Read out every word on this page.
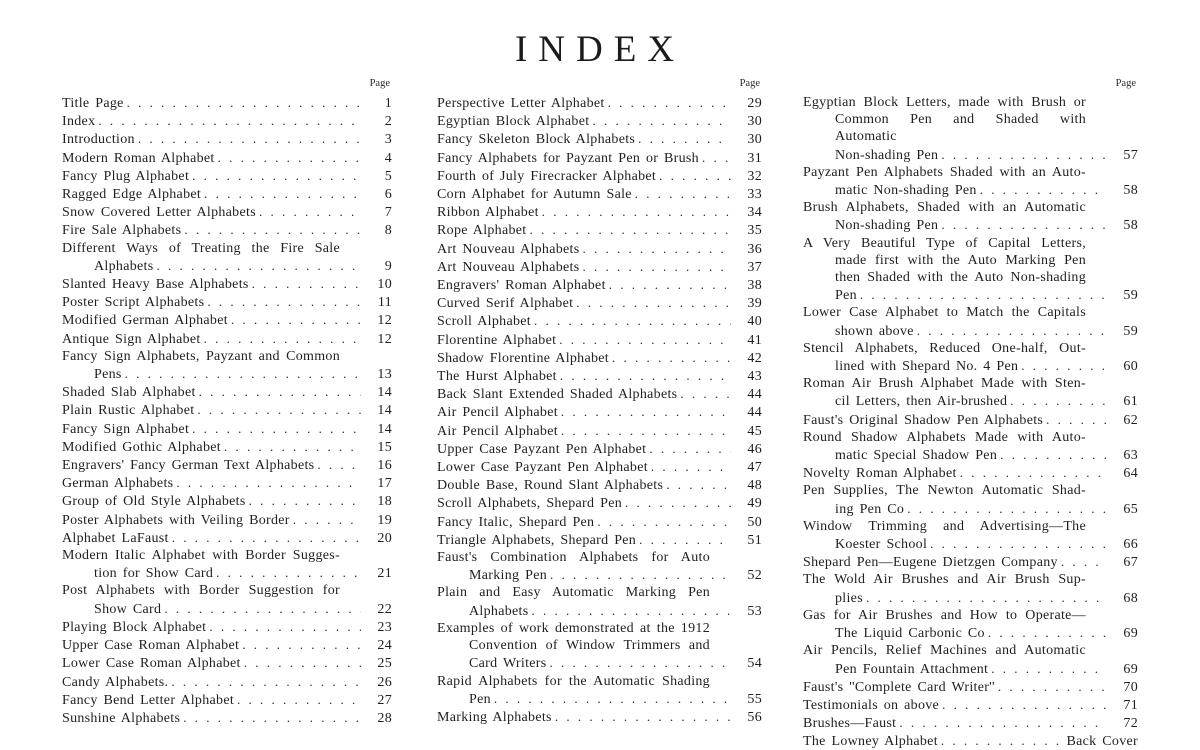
INDEX
Page
Title Page . . .	1
Index . . .	2
Introduction . . .	3
Modern Roman Alphabet . . .	4
Fancy Plug Alphabet . . .	5
Ragged Edge Alphabet . . .	6
Snow Covered Letter Alphabets . . .	7
Fire Sale Alphabets . . .	8
Different Ways of Treating the Fire Sale
Alphabets . . .	9
Slanted Heavy Base Alphabets . . .	10
Poster Script Alphabets . . .	11
Modified German Alphabet . . .	12
Antique Sign Alphabet . . .	12
Fancy Sign Alphabets, Payzant and Common
Pens . . .	13
Shaded Slab Alphabet . . .	14
Plain Rustic Alphabet . . .	14
Fancy Sign Alphabet . . .	14
Modified Gothic Alphabet . . .	15
Engravers' Fancy German Text Alphabets . . .	16
German Alphabets . . .	17
Group of Old Style Alphabets . . .	18
Poster Alphabets with Veiling Border . . .	19
Alphabet LaFaust . . .	20
Modern Italic Alphabet with Border Sugges-
tion for Show Card . . .	21
Post Alphabets with Border Suggestion for
Show Card . . .	22
Playing Block Alphabet . . .	23
Upper Case Roman Alphabet . . .	24
Lower Case Roman Alphabet . . .	25
Candy Alphabets. . . .	26
Fancy Bend Letter Alphabet . . .	27
Sunshine Alphabets . . .	28
Page
Perspective Letter Alphabet . . .	29
Egyptian Block Alphabet . . .	30
Fancy Skeleton Block Alphabets . . .	30
Fancy Alphabets for Payzant Pen or Brush . . .	31
Fourth of July Firecracker Alphabet . . .	32
Corn Alphabet for Autumn Sale . . .	33
Ribbon Alphabet . . .	34
Rope Alphabet . . .	35
Art Nouveau Alphabets . . .	36
Art Nouveau Alphabets . . .	37
Engravers' Roman Alphabet . . .	38
Curved Serif Alphabet . . .	39
Scroll Alphabet . . .	40
Florentine Alphabet . . .	41
Shadow Florentine Alphabet . . .	42
The Hurst Alphabet . . .	43
Back Slant Extended Shaded Alphabets . . .	44
Air Pencil Alphabet . . .	44
Air Pencil Alphabet . . .	45
Upper Case Payzant Pen Alphabet . . .	46
Lower Case Payzant Pen Alphabet . . .	47
Double Base, Round Slant Alphabets . . .	48
Scroll Alphabets, Shepard Pen . . .	49
Fancy Italic, Shepard Pen . . .	50
Triangle Alphabets, Shepard Pen . . .	51
Faust's Combination Alphabets for Auto
Marking Pen . . .	52
Plain and Easy Automatic Marking Pen
Alphabets . . .	53
Examples of work demonstrated at the 1912
Convention of Window Trimmers and
Card Writers . . .	54
Rapid Alphabets for the Automatic Shading
Pen . . .	55
Marking Alphabets . . .	56
Page
Egyptian Block Letters, made with Brush or
Common Pen and Shaded with Automatic
Non-shading Pen . . .	57
Payzant Pen Alphabets Shaded with an Auto-
matic Non-shading Pen . . .	58
Brush Alphabets, Shaded with an Automatic
Non-shading Pen . . .	58
A Very Beautiful Type of Capital Letters,
made first with the Auto Marking Pen
then Shaded with the Auto Non-shading
Pen . . .	59
Lower Case Alphabet to Match the Capitals
shown above . . .	59
Stencil Alphabets, Reduced One-half, Out-
lined with Shepard No. 4 Pen . . .	60
Roman Air Brush Alphabet Made with Sten-
cil Letters, then Air-brushed . . .	61
Faust's Original Shadow Pen Alphabets . . .	62
Round Shadow Alphabets Made with Auto-
matic Special Shadow Pen . . .	63
Novelty Roman Alphabet . . .	64
Pen Supplies, The Newton Automatic Shad-
ing Pen Co . . .	65
Window Trimming and Advertising—The
Koester School . . .	66
Shepard Pen—Eugene Dietzgen Company . . .	67
The Wold Air Brushes and Air Brush Sup-
plies . . .	68
Gas for Air Brushes and How to Operate—
The Liquid Carbonic Co . . .	69
Air Pencils, Relief Machines and Automatic
Pen Fountain Attachment . . .	69
Faust's ''Complete Card Writer'' . . .	70
Testimonials on above . . .	71
Brushes—Faust . . .	72
The Lowney Alphabet . . .	Back Cover
